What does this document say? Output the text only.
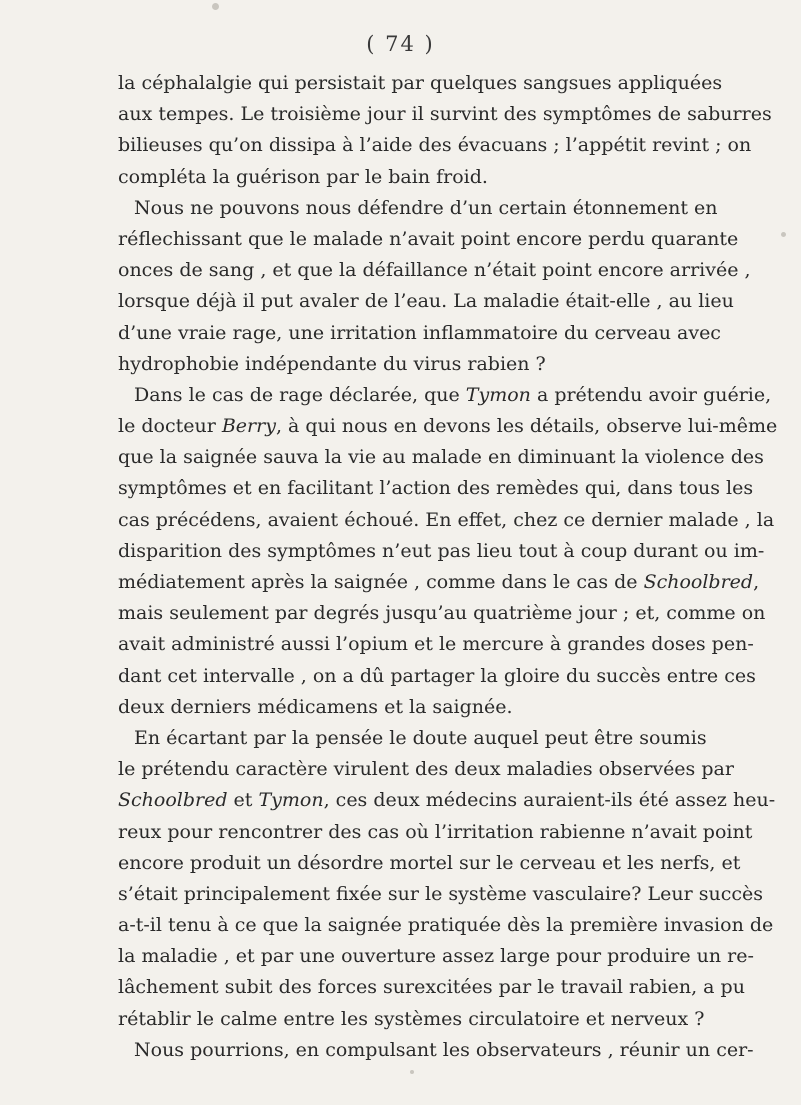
( 74 )
la céphalalgie qui persistait par quelques sangsues appliquées
aux tempes. Le troisième jour il survint des symptômes de saburres
bilieuses qu’on dissipa à l’aide des évacuans ; l’appétit revint ; on
compléta la guérison par le bain froid.
Nous ne pouvons nous défendre d’un certain étonnement en
réflechissant que le malade n’avait point encore perdu quarante
onces de sang , et que la défaillance n’était point encore arrivée ,
lorsque déjà il put avaler de l’eau. La maladie était-elle , au lieu
d’une vraie rage, une irritation inflammatoire du cerveau avec
hydrophobie indépendante du virus rabien ?
Dans le cas de rage déclarée, que Tymon a prétendu avoir guérie,
le docteur Berry, à qui nous en devons les détails, observe lui-même
que la saignée sauva la vie au malade en diminuant la violence des
symptômes et en facilitant l’action des remèdes qui, dans tous les
cas précédens, avaient échoué. En effet, chez ce dernier malade , la
disparition des symptômes n’eut pas lieu tout à coup durant ou im-
médiatement après la saignée , comme dans le cas de Schoolbred,
mais seulement par degrés jusqu’au quatrième jour ; et, comme on
avait administré aussi l’opium et le mercure à grandes doses pen-
dant cet intervalle , on a dû partager la gloire du succès entre ces
deux derniers médicamens et la saignée.
En écartant par la pensée le doute auquel peut être soumis
le prétendu caractère virulent des deux maladies observées par
Schoolbred et Tymon, ces deux médecins auraient-ils été assez heu-
reux pour rencontrer des cas où l’irritation rabienne n’avait point
encore produit un désordre mortel sur le cerveau et les nerfs, et
s’était principalement fixée sur le système vasculaire? Leur succès
a-t-il tenu à ce que la saignée pratiquée dès la première invasion de
la maladie , et par une ouverture assez large pour produire un re-
lâchement subit des forces surexcitées par le travail rabien, a pu
rétablir le calme entre les systèmes circulatoire et nerveux ?
Nous pourrions, en compulsant les observateurs , réunir un cer-
